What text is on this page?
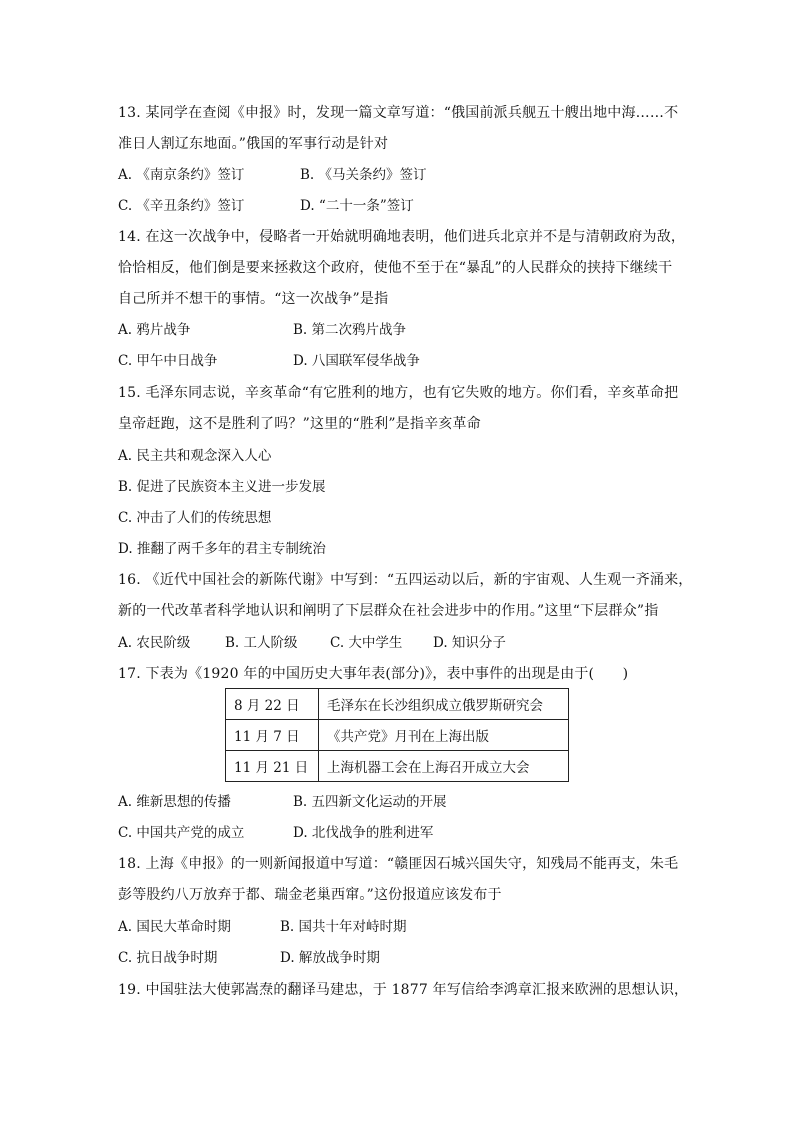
13. 某同学在查阅《申报》时，发现一篇文章写道：“俄国前派兵舰五十艘出地中海……不
准日人割辽东地面。”俄国的军事行动是针对
A. 《南京条约》签订	B. 《马关条约》签订
C. 《辛丑条约》签订	D. “二十一条”签订
14. 在这一次战争中，侵略者一开始就明确地表明，他们进兵北京并不是与清朝政府为敌，
恰恰相反，他们倒是要来拯救这个政府，使他不至于在“暴乱”的人民群众的挟持下继续干
自己所并不想干的事情。“这一次战争”是指
A. 鸦片战争	B. 第二次鸦片战争
C. 甲午中日战争	D. 八国联军侵华战争
15. 毛泽东同志说，辛亥革命“有它胜利的地方，也有它失败的地方。你们看，辛亥革命把
皇帝赶跑，这不是胜利了吗？”这里的“胜利”是指辛亥革命
A. 民主共和观念深入人心
B. 促进了民族资本主义进一步发展
C. 冲击了人们的传统思想
D. 推翻了两千多年的君主专制统治
16. 《近代中国社会的新陈代谢》中写到：“五四运动以后，新的宇宙观、人生观一齐涌来，
新的一代改革者科学地认识和阐明了下层群众在社会进步中的作用。”这里“下层群众”指
A. 农民阶级	B. 工人阶级 C. 大中学生 D. 知识分子
17. 下表为《1920 年的中国历史大事年表(部分)》，表中事件的出现是由于(　　)
8 月 22 日	毛泽东在长沙组织成立俄罗斯研究会
11 月 7 日	《共产党》月刊在上海出版
11 月 21 日	上海机器工会在上海召开成立大会
A. 维新思想的传播	B. 五四新文化运动的开展
C. 中国共产党的成立	D. 北伐战争的胜利进军
18. 上海《申报》的一则新闻报道中写道：“赣匪因石城兴国失守，知残局不能再支，朱毛
彭等股约八万放弃于都、瑞金老巢西窜。”这份报道应该发布于
A. 国民大革命时期	B. 国共十年对峙时期
C. 抗日战争时期	D. 解放战争时期
19. 中国驻法大使郭嵩焘的翻译马建忠，于 1877 年写信给李鸿章汇报来欧洲的思想认识，
